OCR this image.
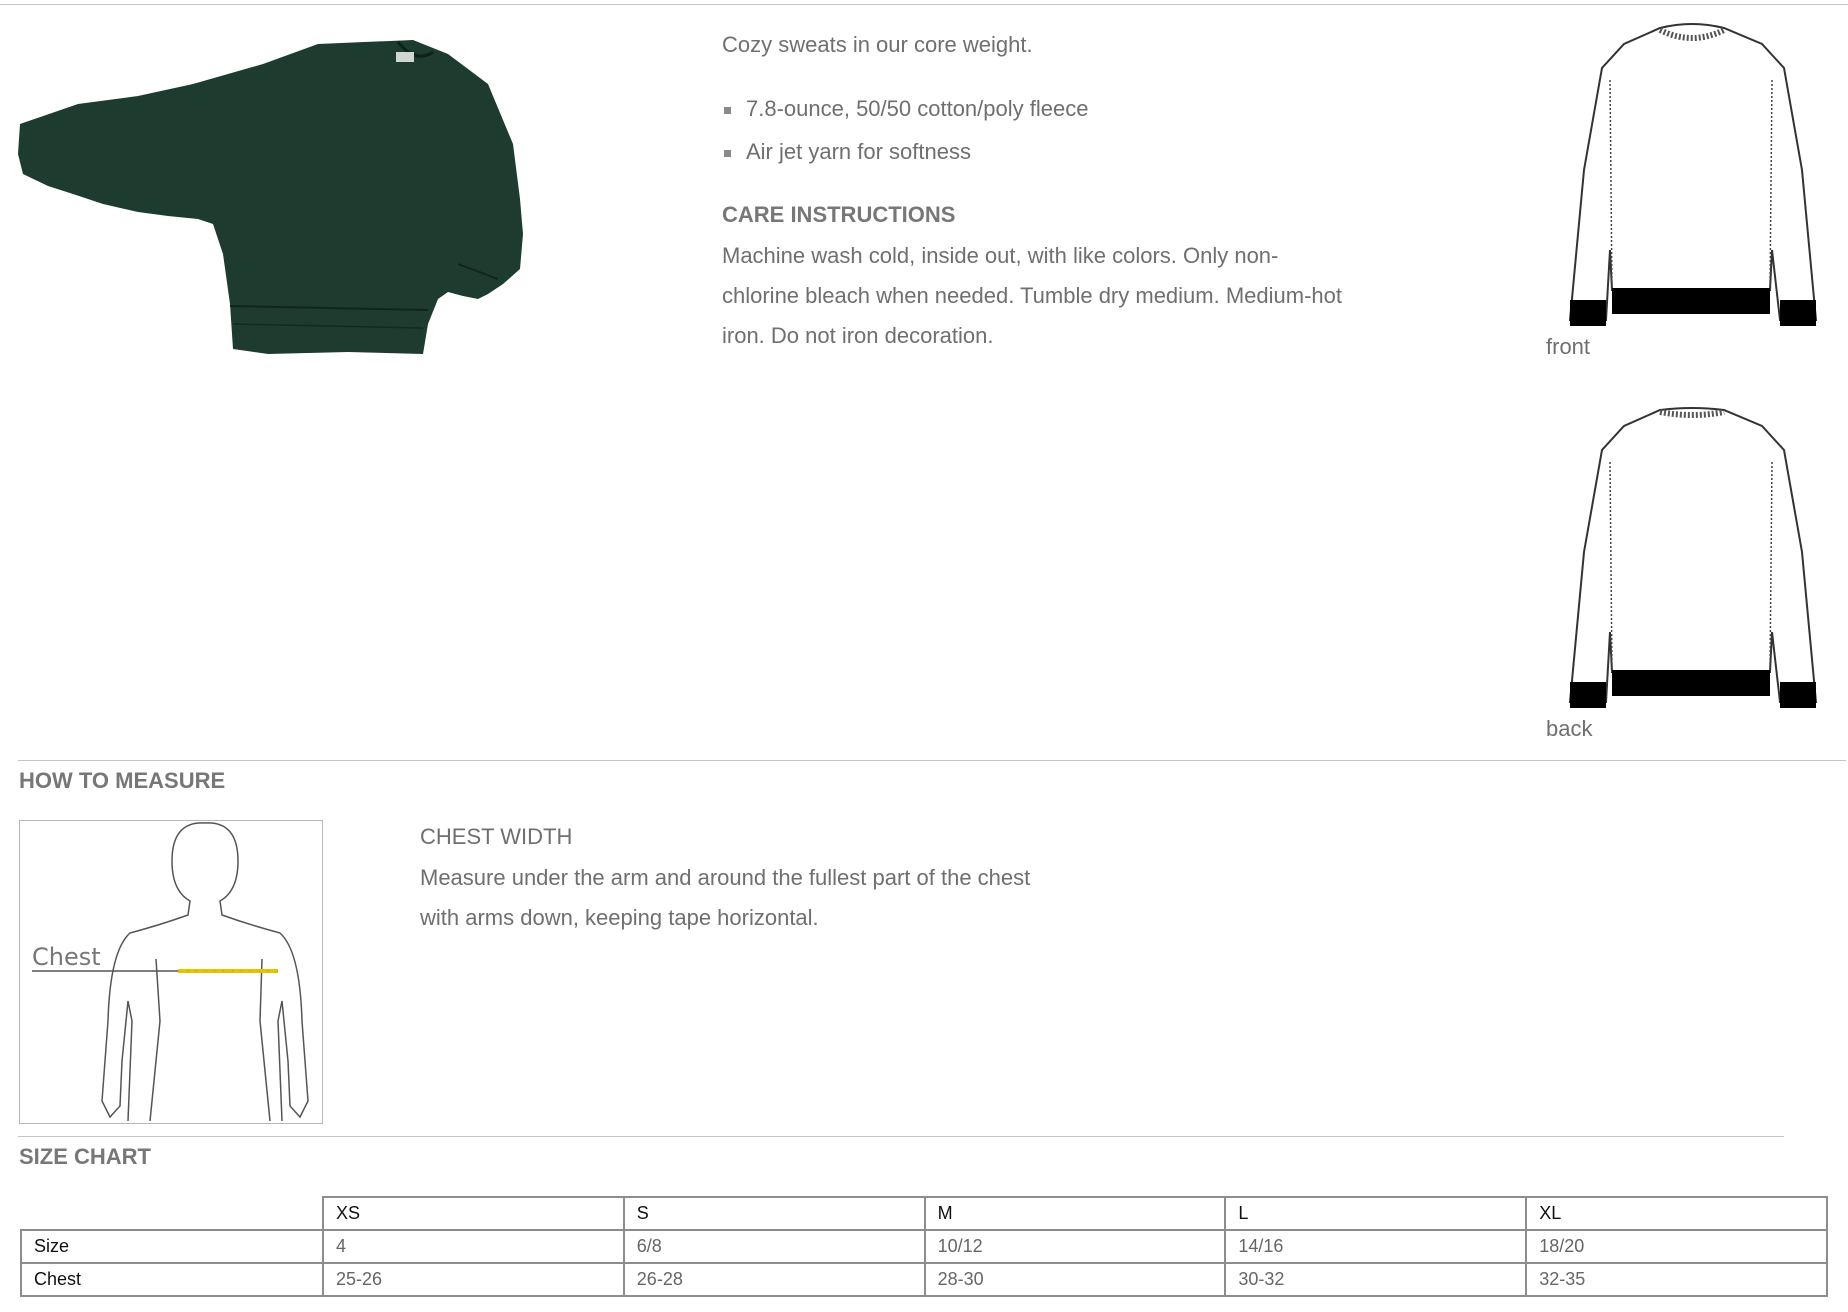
Cozy sweats in our core weight.
7.8-ounce, 50/50 cotton/poly fleece
Air jet yarn for softness
CARE INSTRUCTIONS
Machine wash cold, inside out, with like colors. Only non-chlorine bleach when needed. Tumble dry medium. Medium-hot iron. Do not iron decoration.	front
back
HOW TO MEASURE
Chest
CHEST WIDTH
Measure under the arm and around the fullest part of the chest with arms down, keeping tape horizontal.
SIZE CHART
	XS	S	M	L	XL
Size	4	6/8	10/12	14/16	18/20
Chest	25-26	26-28	28-30	30-32	32-35
